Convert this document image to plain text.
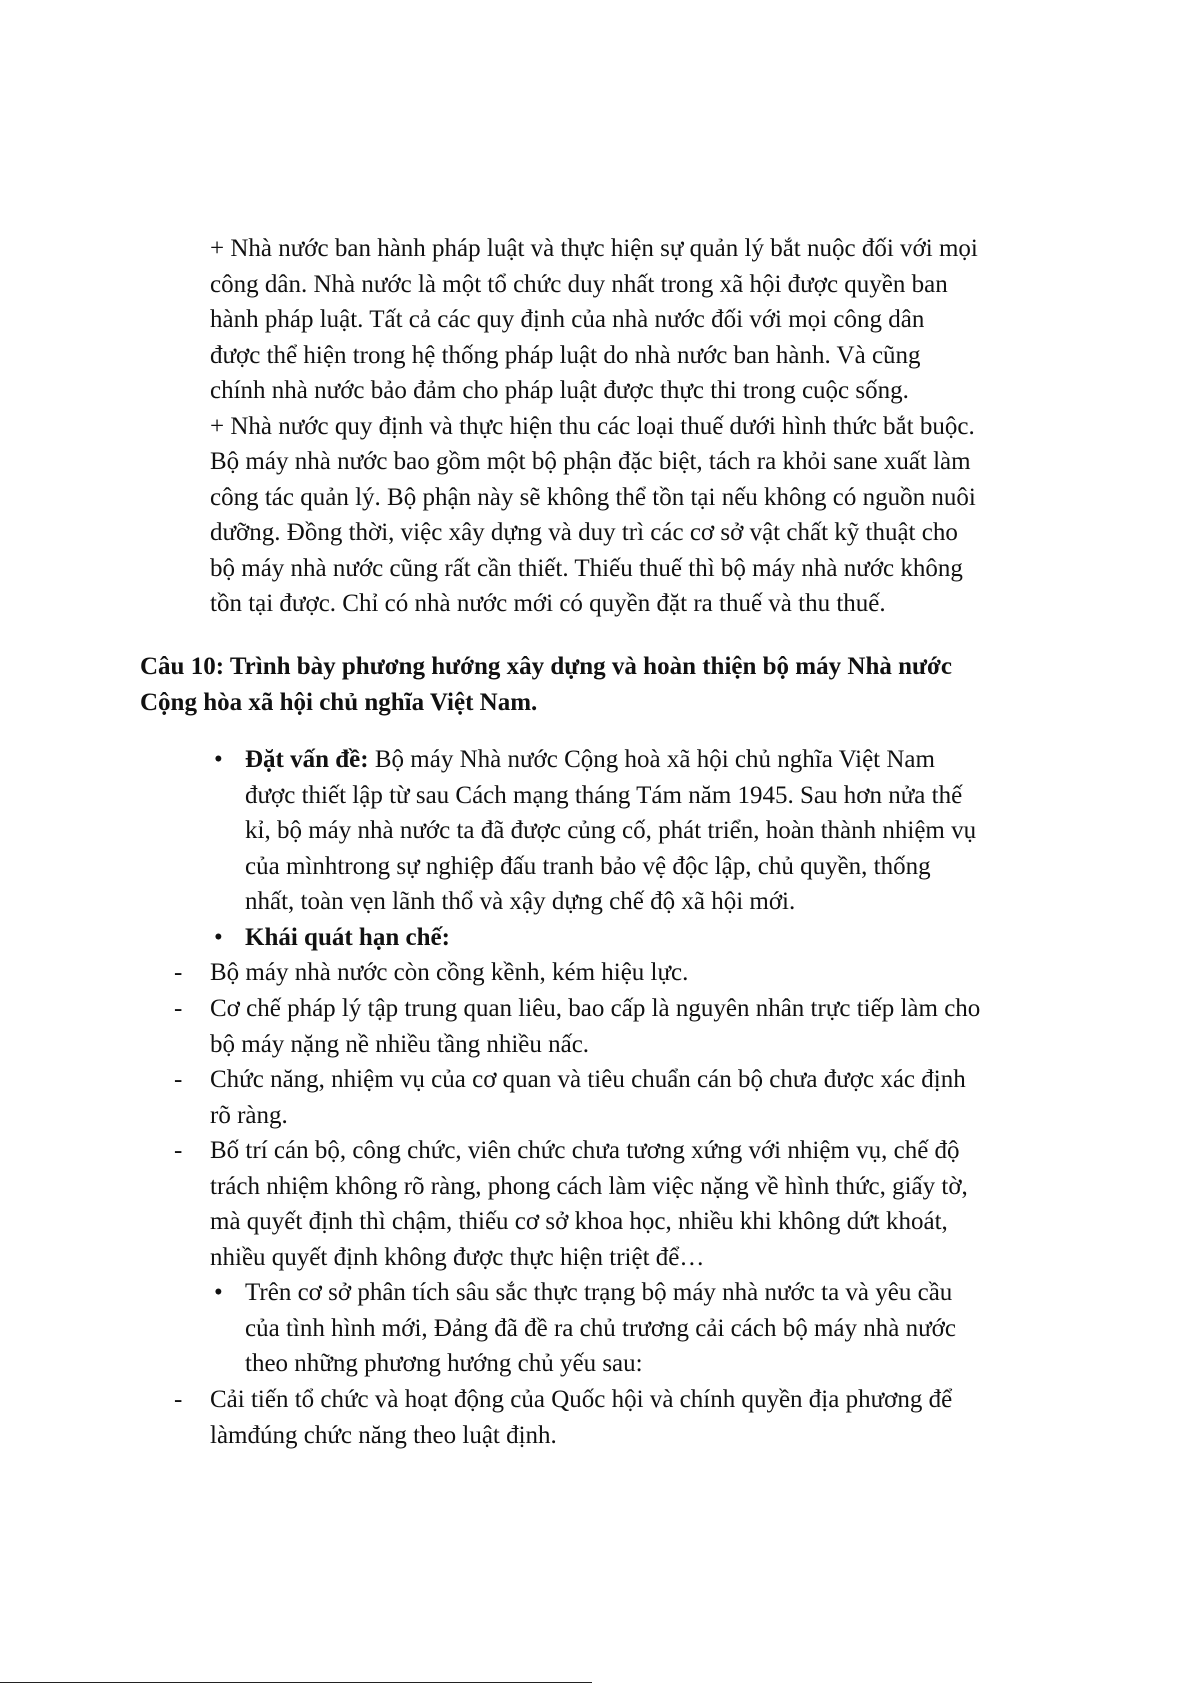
+ Nhà nước ban hành pháp luật và thực hiện sự quản lý bắt nuộc đối với mọi
công dân. Nhà nước là một tổ chức duy nhất trong xã hội được quyền ban
hành pháp luật. Tất cả các quy định của nhà nước đối với mọi công dân
được thể hiện trong hệ thống pháp luật do nhà nước ban hành. Và cũng
chính nhà nước bảo đảm cho pháp luật được thực thi trong cuộc sống.
+ Nhà nước quy định và thực hiện thu các loại thuế dưới hình thức bắt buộc.
Bộ máy nhà nước bao gồm một bộ phận đặc biệt, tách ra khỏi sane xuất làm
công tác quản lý. Bộ phận này sẽ không thể tồn tại nếu không có nguồn nuôi
dưỡng. Đồng thời, việc xây dựng và duy trì các cơ sở vật chất kỹ thuật cho
bộ máy nhà nước cũng rất cần thiết. Thiếu thuế thì bộ máy nhà nước không
tồn tại được. Chỉ có nhà nước mới có quyền đặt ra thuế và thu thuế.

Câu 10: Trình bày phương hướng xây dựng và hoàn thiện bộ máy Nhà nước
Cộng hòa xã hội chủ nghĩa Việt Nam.

• Đặt vấn đề: Bộ máy Nhà nước Cộng hoà xã hội chủ nghĩa Việt Nam
được thiết lập từ sau Cách mạng tháng Tám năm 1945. Sau hơn nửa thế
kỉ, bộ máy nhà nước ta đã được củng cố, phát triển, hoàn thành nhiệm vụ
của mìnhtrong sự nghiệp đấu tranh bảo vệ độc lập, chủ quyền, thống
nhất, toàn vẹn lãnh thổ và xậy dựng chế độ xã hội mới.

• Khái quát hạn chế:

-	Bộ máy nhà nước còn cồng kềnh, kém hiệu lực.

-	Cơ chế pháp lý tập trung quan liêu, bao cấp là nguyên nhân trực tiếp làm cho
bộ máy nặng nề nhiều tầng nhiều nấc.

-	Chức năng, nhiệm vụ của cơ quan và tiêu chuẩn cán bộ chưa được xác định
rõ ràng.

-	Bố trí cán bộ, công chức, viên chức chưa tương xứng với nhiệm vụ, chế độ
trách nhiệm không rõ ràng, phong cách làm việc nặng về hình thức, giấy tờ,
mà quyết định thì chậm, thiếu cơ sở khoa học, nhiều khi không dứt khoát,
nhiều quyết định không được thực hiện triệt để…

• Trên cơ sở phân tích sâu sắc thực trạng bộ máy nhà nước ta và yêu cầu
của tình hình mới, Đảng đã đề ra chủ trương cải cách bộ máy nhà nước
theo những phương hướng chủ yếu sau:

-	Cải tiến tổ chức và hoạt động của Quốc hội và chính quyền địa phương để
làmđúng chức năng theo luật định.
